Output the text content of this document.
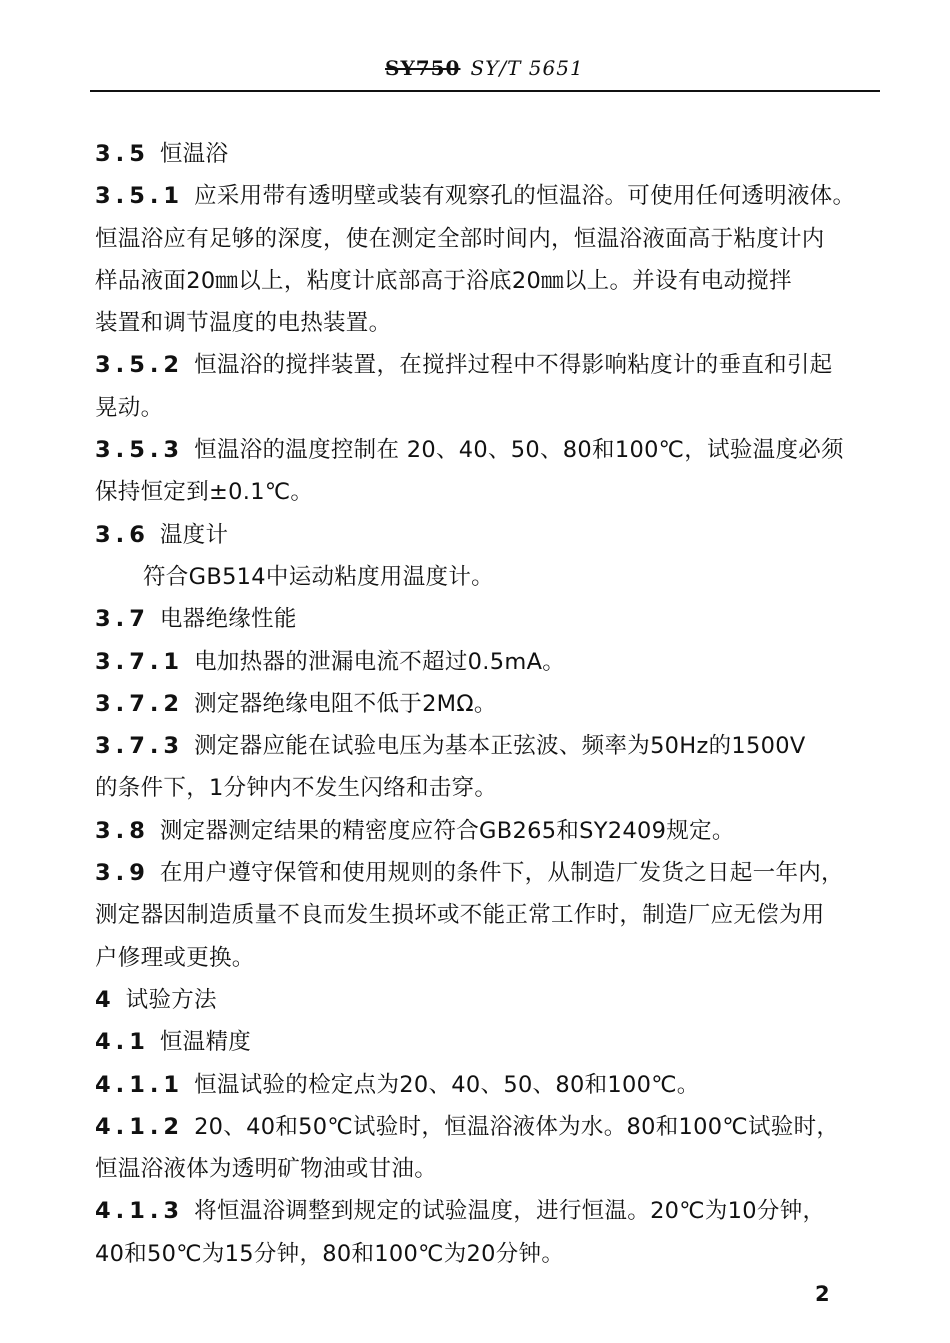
SY750 SY/T 5651
3.5 恒温浴
3.5.1 应采用带有透明壁或装有观察孔的恒温浴。可使用任何透明液体。
恒温浴应有足够的深度，使在测定全部时间内，恒温浴液面高于粘度计内
样品液面20㎜以上，粘度计底部高于浴底20㎜以上。并设有电动搅拌
装置和调节温度的电热装置。
3.5.2 恒温浴的搅拌装置，在搅拌过程中不得影响粘度计的垂直和引起
晃动。
3.5.3 恒温浴的温度控制在 20、40、50、80和100℃，试验温度必须
保持恒定到±0.1℃。
3.6 温度计
符合GB514中运动粘度用温度计。
3.7 电器绝缘性能
3.7.1 电加热器的泄漏电流不超过0.5mA。
3.7.2 测定器绝缘电阻不低于2MΩ。
3.7.3 测定器应能在试验电压为基本正弦波、频率为50Hz的1500V
的条件下，1分钟内不发生闪络和击穿。
3.8 测定器测定结果的精密度应符合GB265和SY2409规定。
3.9 在用户遵守保管和使用规则的条件下，从制造厂发货之日起一年内，
测定器因制造质量不良而发生损坏或不能正常工作时，制造厂应无偿为用
户修理或更换。
4 试验方法
4.1 恒温精度
4.1.1 恒温试验的检定点为20、40、50、80和100℃。
4.1.2 20、40和50℃试验时，恒温浴液体为水。80和100℃试验时，
恒温浴液体为透明矿物油或甘油。
4.1.3 将恒温浴调整到规定的试验温度，进行恒温。20℃为10分钟，
40和50℃为15分钟，80和100℃为20分钟。
2
